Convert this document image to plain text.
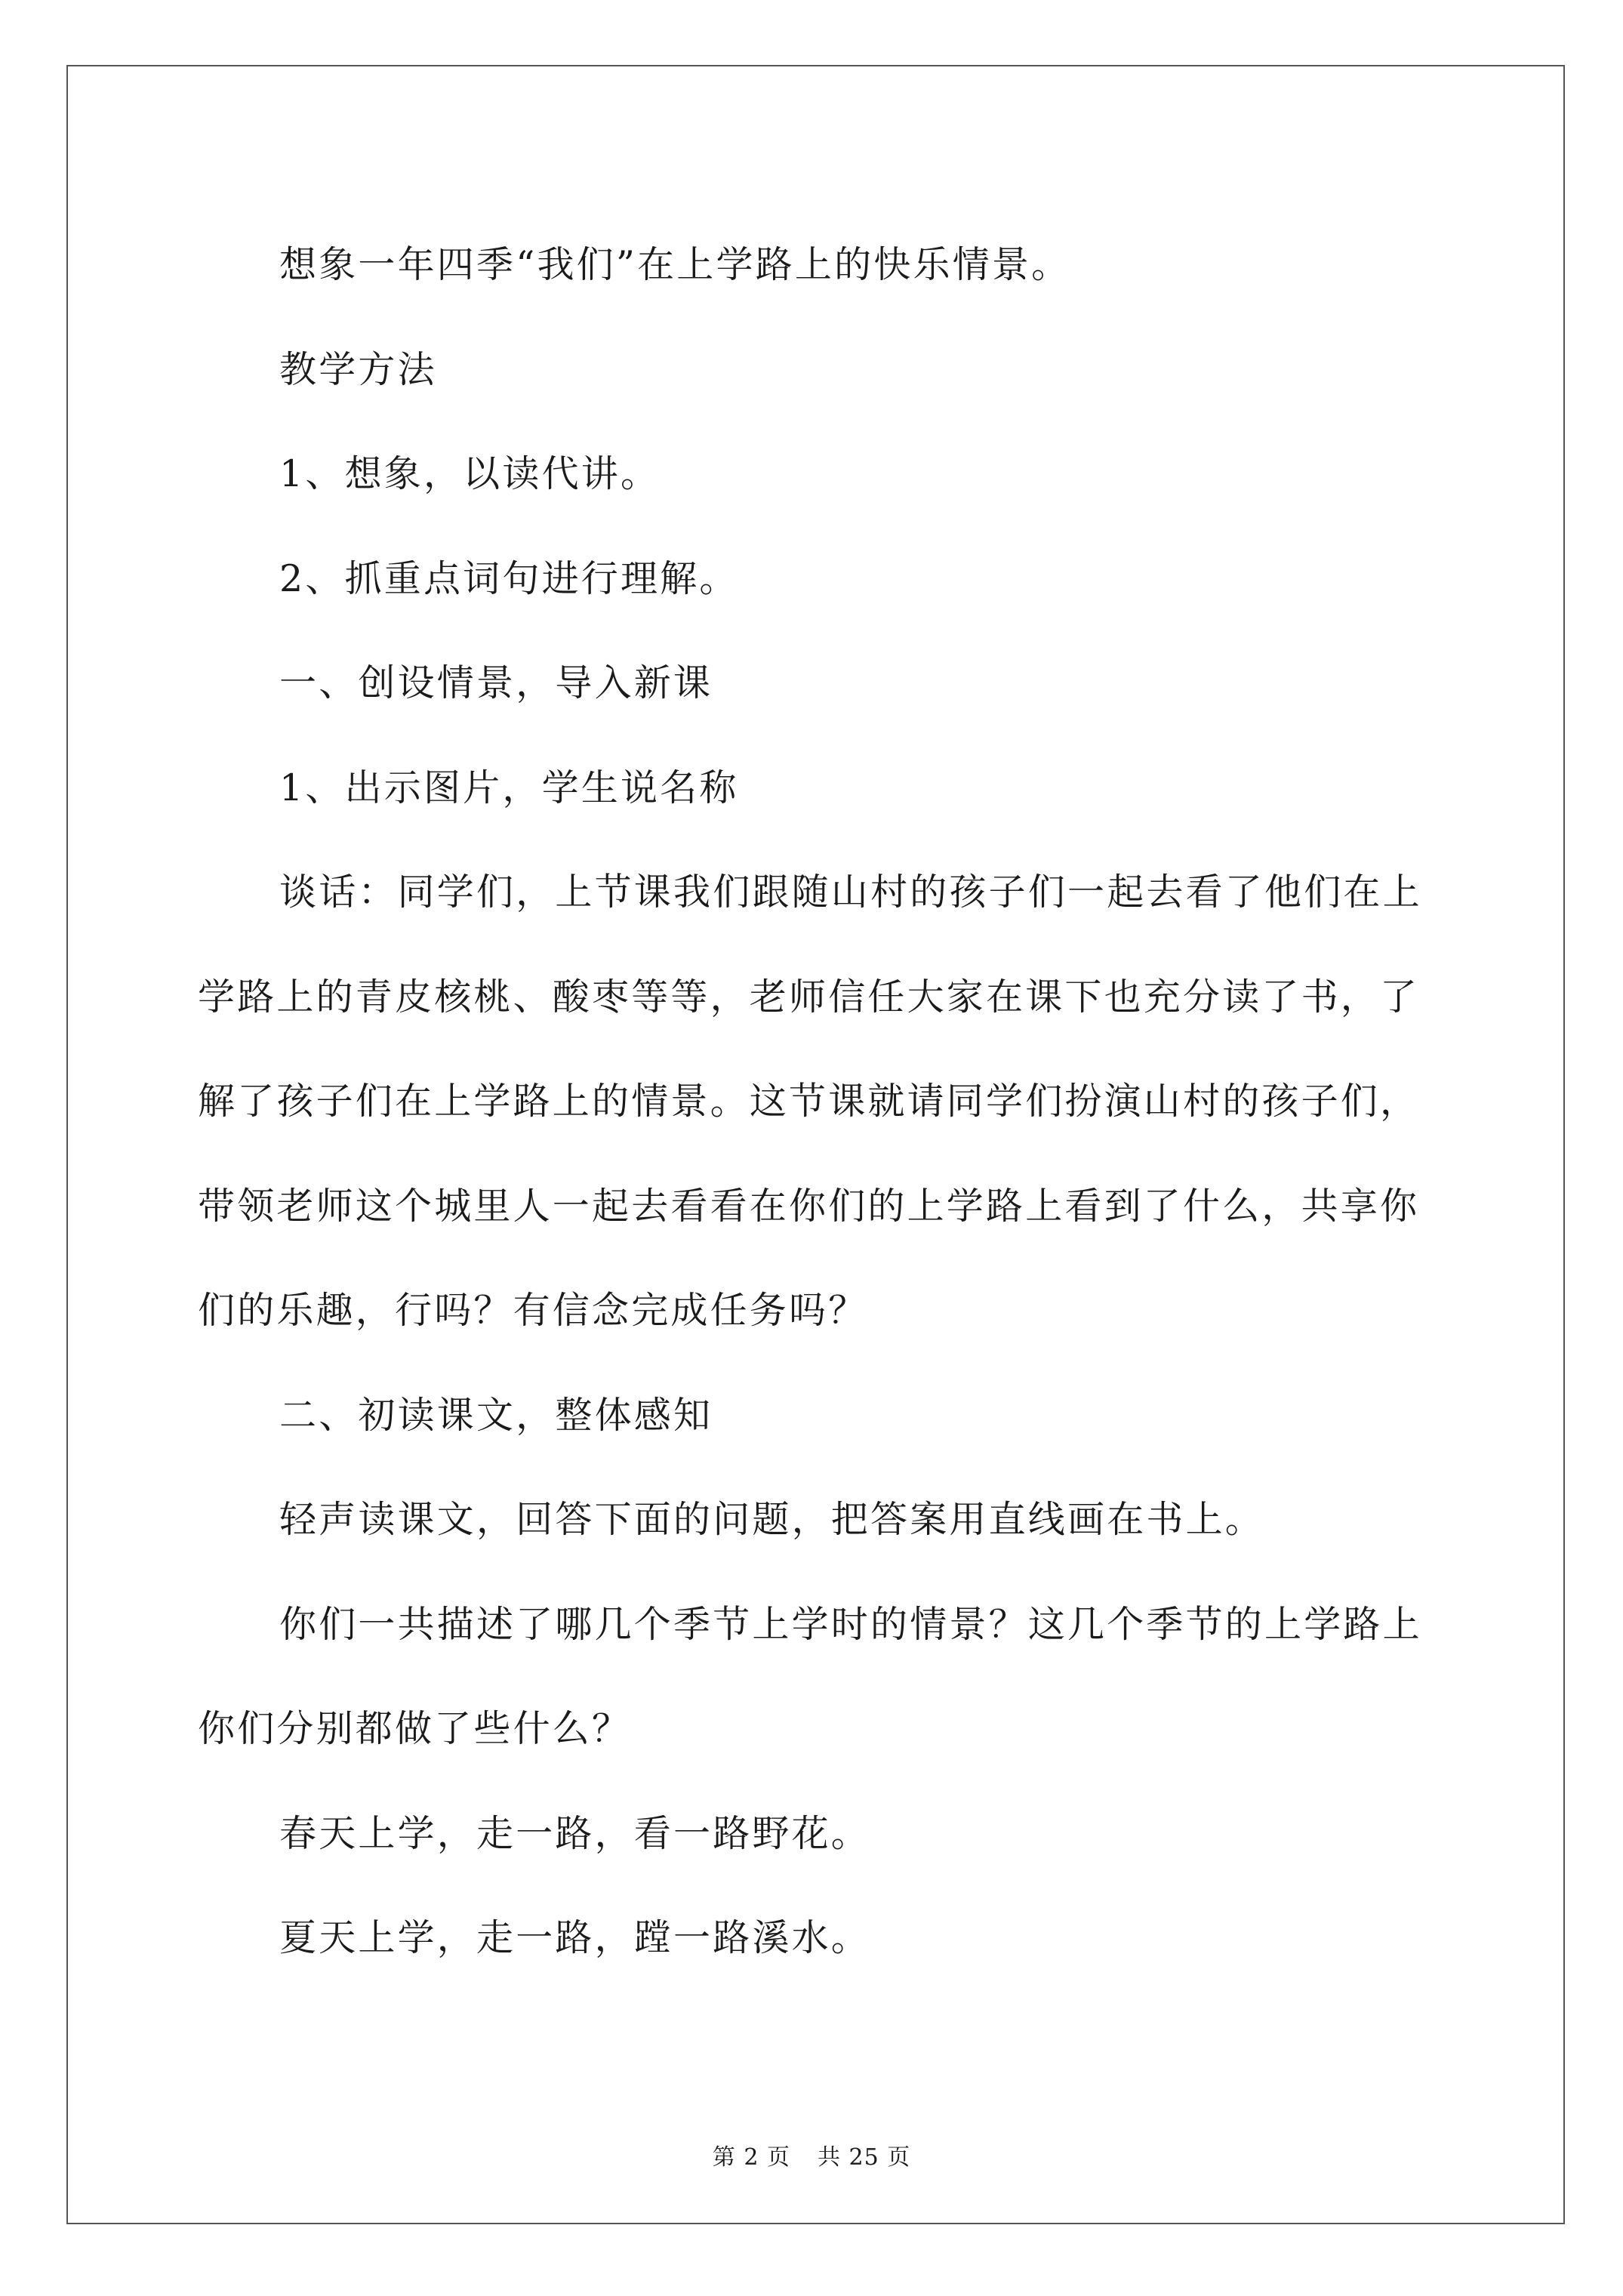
想象一年四季“我们”在上学路上的快乐情景。

教学方法

1、想象，以读代讲。

2、抓重点词句进行理解。

一、创设情景，导入新课

1、出示图片，学生说名称

谈话：同学们，上节课我们跟随山村的孩子们一起去看了他们在上学路上的青皮核桃、酸枣等等，老师信任大家在课下也充分读了书，了解了孩子们在上学路上的情景。这节课就请同学们扮演山村的孩子们，带领老师这个城里人一起去看看在你们的上学路上看到了什么，共享你们的乐趣，行吗？有信念完成任务吗？

二、初读课文，整体感知

轻声读课文，回答下面的问题，把答案用直线画在书上。

你们一共描述了哪几个季节上学时的情景？这几个季节的上学路上你们分别都做了些什么？

春天上学，走一路，看一路野花。

夏天上学，走一路，蹚一路溪水。

第 2 页 共 25 页
